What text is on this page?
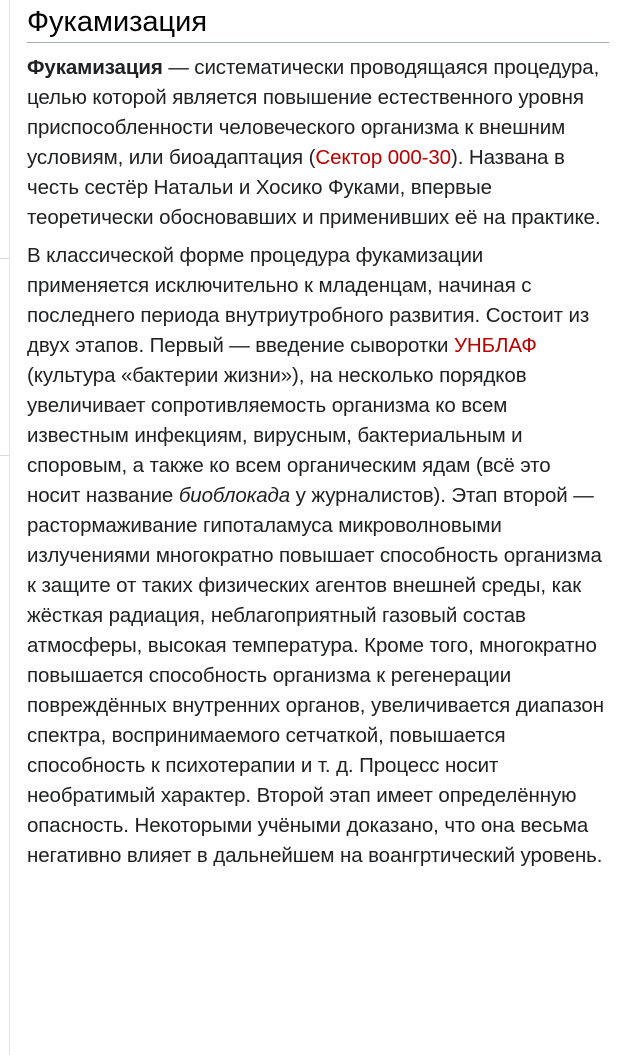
Фукамизация

Фукамизация — систематически проводящаяся процедура, целью которой является повышение естественного уровня приспособленности человеческого организма к внешним условиям, или биоадаптация (Сектор 000-30). Названа в честь сестёр Натальи и Хосико Фуками, впервые теоретически обосновавших и применивших её на практике.

В классической форме процедура фукамизации применяется исключительно к младенцам, начиная с последнего периода внутриутробного развития. Состоит из двух этапов. Первый — введение сыворотки УНБЛАФ (культура «бактерии жизни»), на несколько порядков увеличивает сопротивляемость организма ко всем известным инфекциям, вирусным, бактериальным и споровым, а также ко всем органическим ядам (всё это носит название биоблокада у журналистов). Этап второй — растормаживание гипоталамуса микроволновыми излучениями многократно повышает способность организма к защите от таких физических агентов внешней среды, как жёсткая радиация, неблагоприятный газовый состав атмосферы, высокая температура. Кроме того, многократно повышается способность организма к регенерации повреждённых внутренних органов, увеличивается диапазон спектра, воспринимаемого сетчаткой, повышается способность к психотерапии и т. д. Процесс носит необратимый характер. Второй этап имеет определённую опасность. Некоторыми учёными доказано, что она весьма негативно влияет в дальнейшем на воангртический уровень.
